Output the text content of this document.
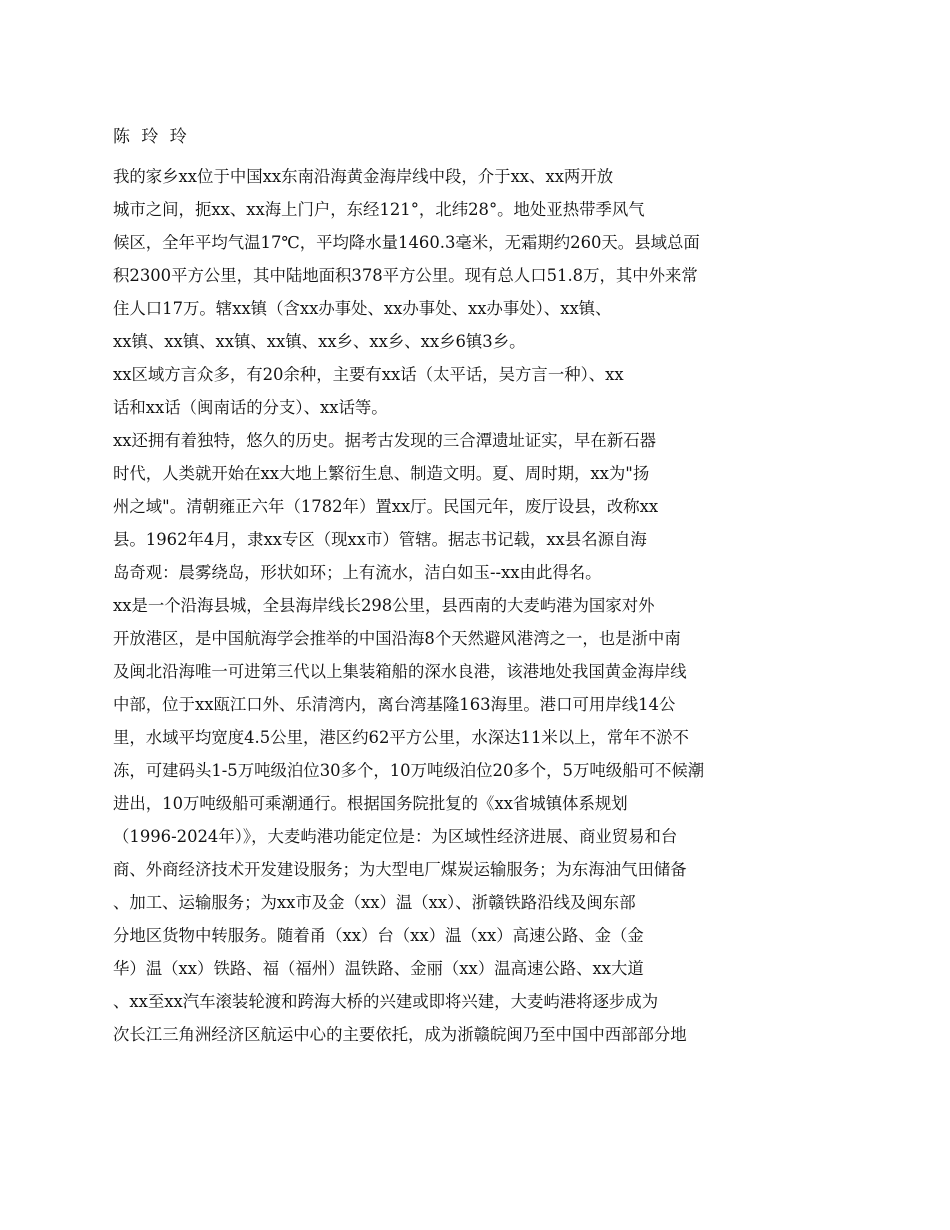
陈 玲 玲
我的家乡xx位于中国xx东南沿海黄金海岸线中段，介于xx、xx两开放
城市之间，扼xx、xx海上门户，东经121°，北纬28°。地处亚热带季风气
候区，全年平均气温17℃，平均降水量1460.3毫米，无霜期约260天。县域总面
积2300平方公里，其中陆地面积378平方公里。现有总人口51.8万，其中外来常
住人口17万。辖xx镇（含xx办事处、xx办事处、xx办事处）、xx镇、
xx镇、xx镇、xx镇、xx镇、xx乡、xx乡、xx乡6镇3乡。
xx区域方言众多，有20余种，主要有xx话（太平话，吴方言一种）、xx
话和xx话（闽南话的分支）、xx话等。
xx还拥有着独特，悠久的历史。据考古发现的三合潭遗址证实，早在新石器
时代，人类就开始在xx大地上繁衍生息、制造文明。夏、周时期，xx为"扬
州之域"。清朝雍正六年（1782年）置xx厅。民国元年，废厅设县，改称xx
县。1962年4月，隶xx专区（现xx市）管辖。据志书记载，xx县名源自海
岛奇观：晨雾绕岛，形状如环；上有流水，洁白如玉--xx由此得名。
xx是一个沿海县城，全县海岸线长298公里，县西南的大麦屿港为国家对外
开放港区，是中国航海学会推举的中国沿海8个天然避风港湾之一，也是浙中南
及闽北沿海唯一可进第三代以上集装箱船的深水良港，该港地处我国黄金海岸线
中部，位于xx瓯江口外、乐清湾内，离台湾基隆163海里。港口可用岸线14公
里，水域平均宽度4.5公里，港区约62平方公里，水深达11米以上，常年不淤不
冻，可建码头1-5万吨级泊位30多个，10万吨级泊位20多个，5万吨级船可不候潮
进出，10万吨级船可乘潮通行。根据国务院批复的《xx省城镇体系规划
（1996-2024年）》，大麦屿港功能定位是：为区域性经济进展、商业贸易和台
商、外商经济技术开发建设服务；为大型电厂煤炭运输服务；为东海油气田储备
、加工、运输服务；为xx市及金（xx）温（xx）、浙赣铁路沿线及闽东部
分地区货物中转服务。随着甬（xx）台（xx）温（xx）高速公路、金（金
华）温（xx）铁路、福（福州）温铁路、金丽（xx）温高速公路、xx大道
、xx至xx汽车滚装轮渡和跨海大桥的兴建或即将兴建，大麦屿港将逐步成为
次长江三角洲经济区航运中心的主要依托，成为浙赣皖闽乃至中国中西部部分地
